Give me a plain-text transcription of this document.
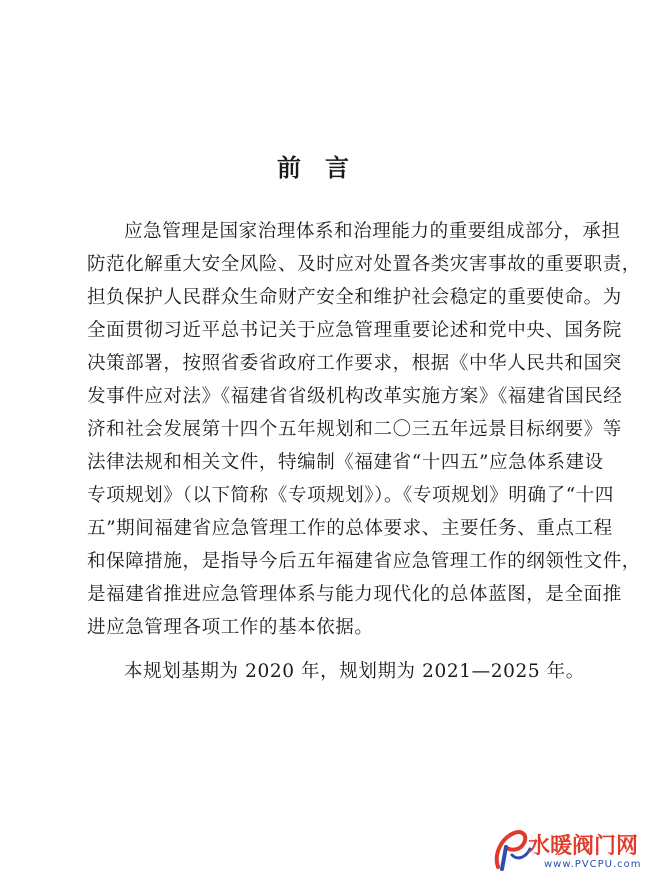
前言
应急管理是国家治理体系和治理能力的重要组成部分，承担
防范化解重大安全风险、及时应对处置各类灾害事故的重要职责，
担负保护人民群众生命财产安全和维护社会稳定的重要使命。为
全面贯彻习近平总书记关于应急管理重要论述和党中央、国务院
决策部署，按照省委省政府工作要求，根据《中华人民共和国突
发事件应对法》《福建省省级机构改革实施方案》《福建省国民经
济和社会发展第十四个五年规划和二〇三五年远景目标纲要》等
法律法规和相关文件，特编制《福建省“十四五”应急体系建设
专项规划》（以下简称《专项规划》）。《专项规划》明确了“十四
五”期间福建省应急管理工作的总体要求、主要任务、重点工程
和保障措施，是指导今后五年福建省应急管理工作的纲领性文件，
是福建省推进应急管理体系与能力现代化的总体蓝图，是全面推
进应急管理各项工作的基本依据。
本规划基期为 2020 年，规划期为 2021—2025 年。
水暖阀门网
www.PVCPU.com
